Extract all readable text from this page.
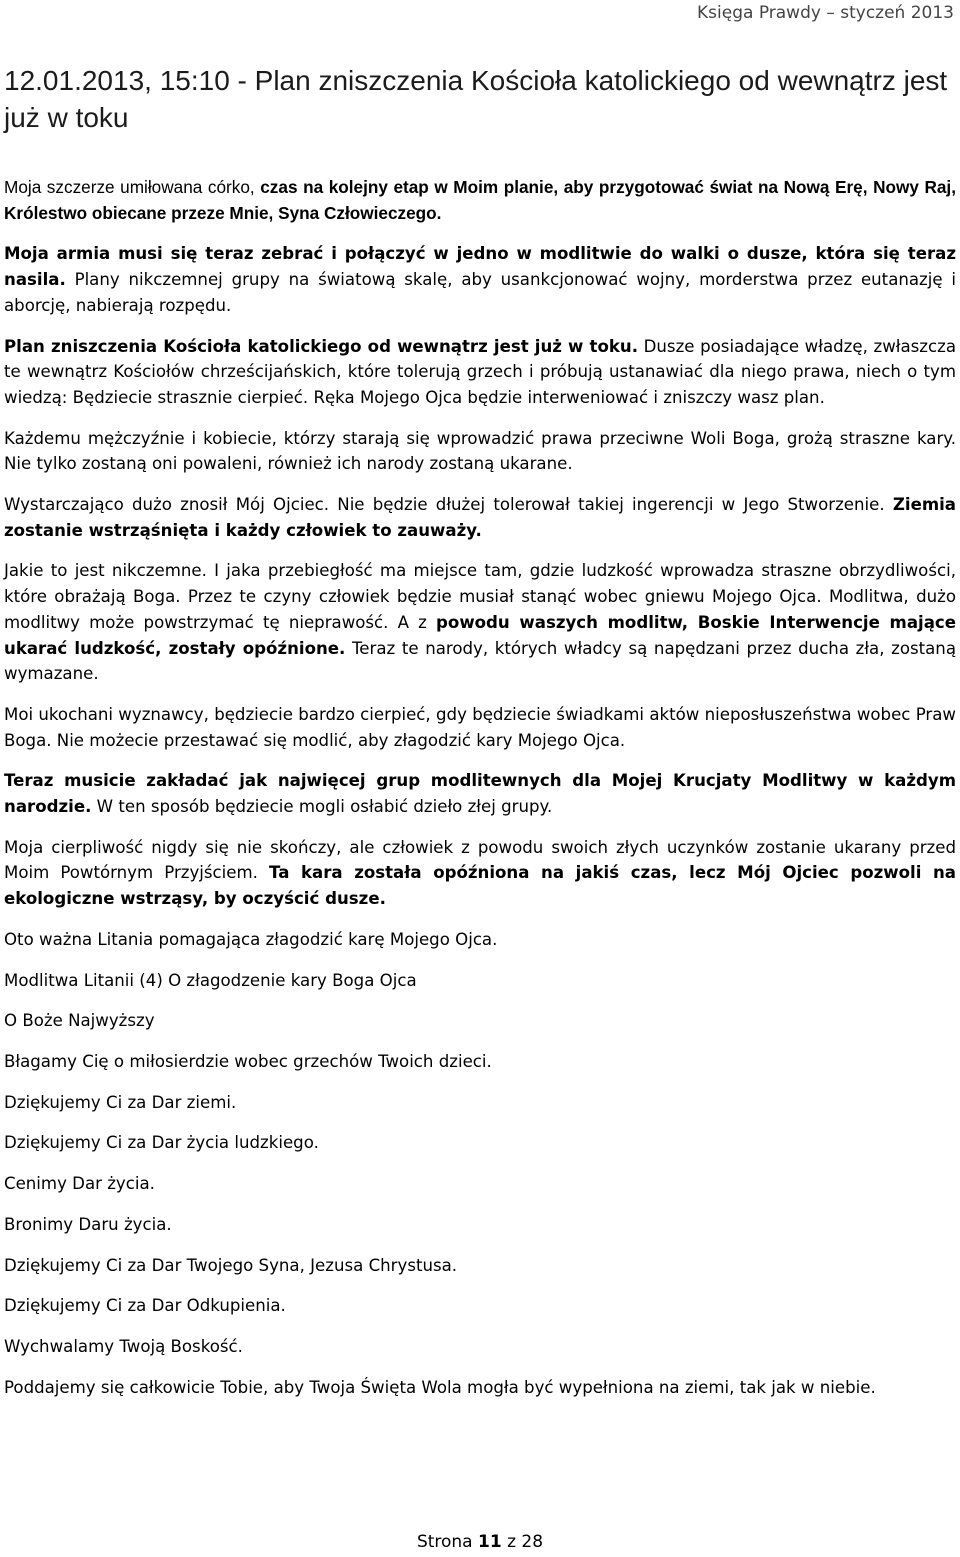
Księga Prawdy – styczeń 2013
12.01.2013, 15:10 - Plan zniszczenia Kościoła katolickiego od wewnątrz jest już w toku

Moja szczerze umiłowana córko, czas na kolejny etap w Moim planie, aby przygotować świat na Nową Erę, Nowy Raj, Królestwo obiecane przeze Mnie, Syna Człowieczego.

Moja armia musi się teraz zebrać i połączyć w jedno w modlitwie do walki o dusze, która się teraz nasila. Plany nikczemnej grupy na światową skalę, aby usankcjonować wojny, morderstwa przez eutanazję i aborcję, nabierają rozpędu.

Plan zniszczenia Kościoła katolickiego od wewnątrz jest już w toku. Dusze posiadające władzę, zwłaszcza te wewnątrz Kościołów chrześcijańskich, które tolerują grzech i próbują ustanawiać dla niego prawa, niech o tym wiedzą: Będziecie strasznie cierpieć. Ręka Mojego Ojca będzie interweniować i zniszczy wasz plan.

Każdemu mężczyźnie i kobiecie, którzy starają się wprowadzić prawa przeciwne Woli Boga, grożą straszne kary. Nie tylko zostaną oni powaleni, również ich narody zostaną ukarane.

Wystarczająco dużo znosił Mój Ojciec. Nie będzie dłużej tolerował takiej ingerencji w Jego Stworzenie. Ziemia zostanie wstrząśnięta i każdy człowiek to zauważy.

Jakie to jest nikczemne. I jaka przebiegłość ma miejsce tam, gdzie ludzkość wprowadza straszne obrzydliwości, które obrażają Boga. Przez te czyny człowiek będzie musiał stanąć wobec gniewu Mojego Ojca. Modlitwa, dużo modlitwy może powstrzymać tę nieprawość. A z powodu waszych modlitw, Boskie Interwencje mające ukarać ludzkość, zostały opóźnione. Teraz te narody, których władcy są napędzani przez ducha zła, zostaną wymazane.

Moi ukochani wyznawcy, będziecie bardzo cierpieć, gdy będziecie świadkami aktów nieposłuszeństwa wobec Praw Boga. Nie możecie przestawać się modlić, aby złagodzić kary Mojego Ojca.

Teraz musicie zakładać jak najwięcej grup modlitewnych dla Mojej Krucjaty Modlitwy w każdym narodzie. W ten sposób będziecie mogli osłabić dzieło złej grupy.

Moja cierpliwość nigdy się nie skończy, ale człowiek z powodu swoich złych uczynków zostanie ukarany przed Moim Powtórnym Przyjściem. Ta kara została opóźniona na jakiś czas, lecz Mój Ojciec pozwoli na ekologiczne wstrząsy, by oczyścić dusze.

Oto ważna Litania pomagająca złagodzić karę Mojego Ojca.

Modlitwa Litanii (4) O złagodzenie kary Boga Ojca

O Boże Najwyższy

Błagamy Cię o miłosierdzie wobec grzechów Twoich dzieci.

Dziękujemy Ci za Dar ziemi.

Dziękujemy Ci za Dar życia ludzkiego.

Cenimy Dar życia.

Bronimy Daru życia.

Dziękujemy Ci za Dar Twojego Syna, Jezusa Chrystusa.

Dziękujemy Ci za Dar Odkupienia.

Wychwalamy Twoją Boskość.

Poddajemy się całkowicie Tobie, aby Twoja Święta Wola mogła być wypełniona na ziemi, tak jak w niebie.

Strona 11 z 28
